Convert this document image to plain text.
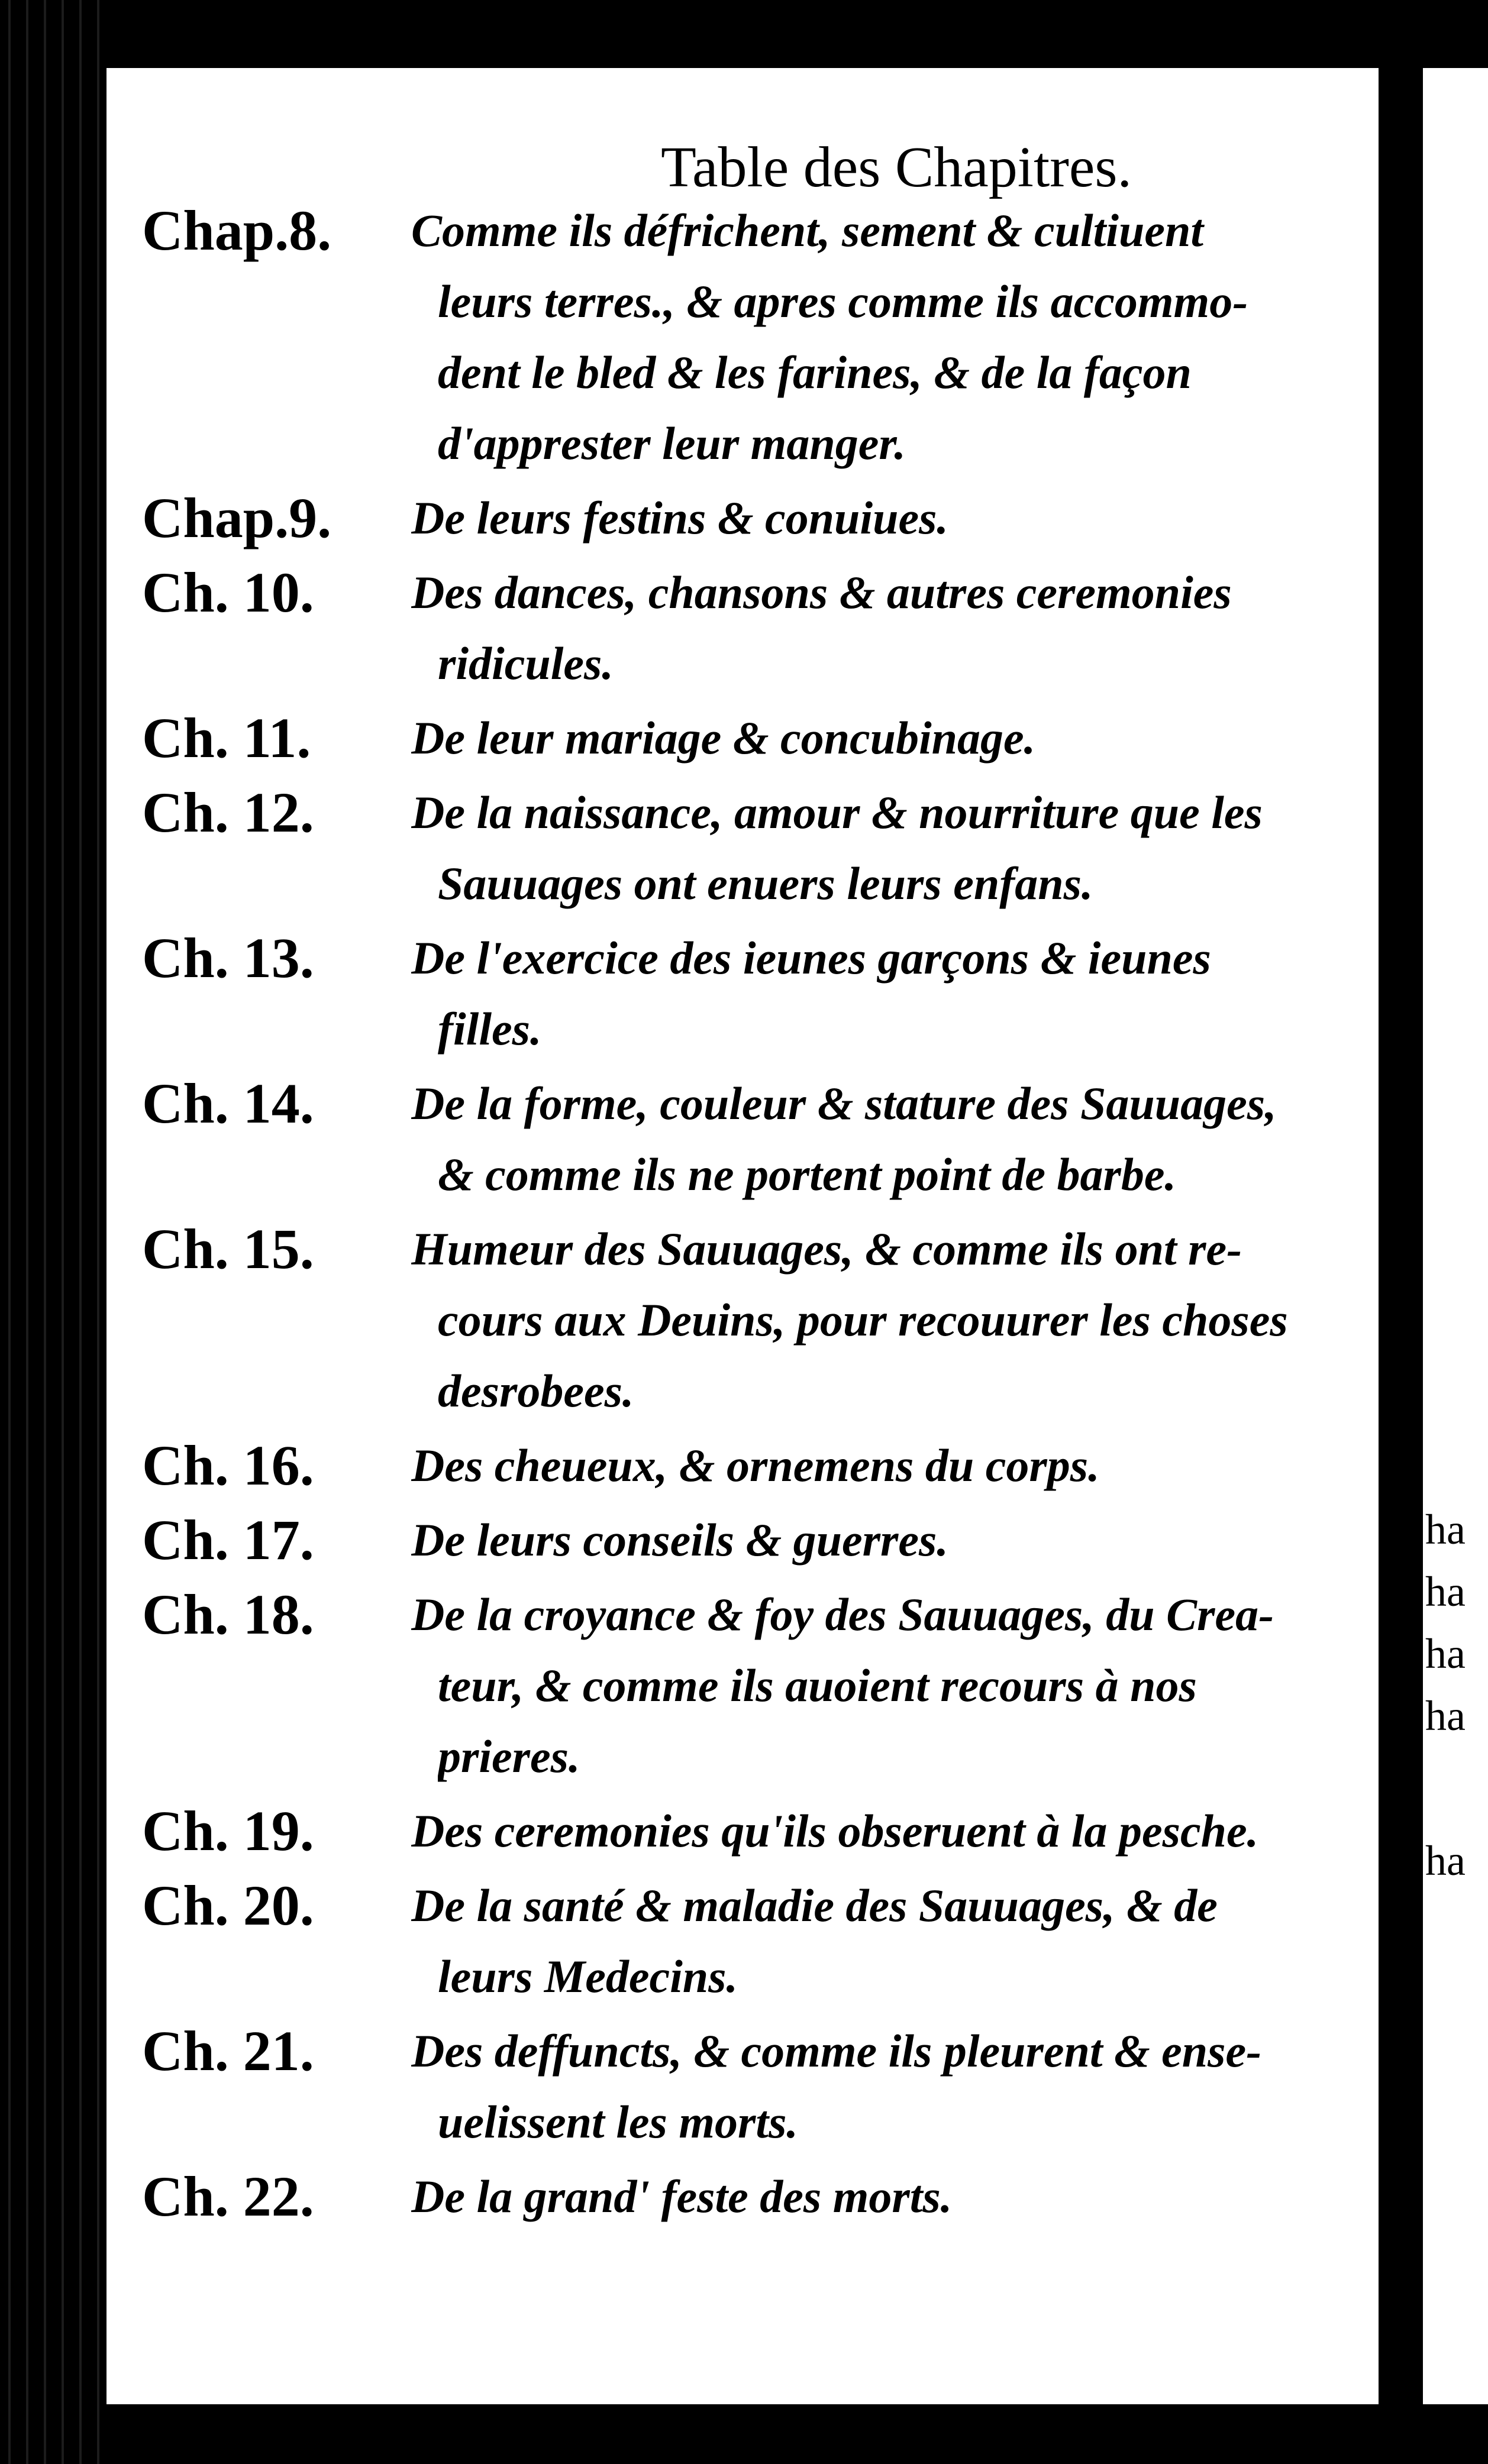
Table des Chapitres.
Chap.8. Comme ils défrichent, sement & cultiuent
leurs terres., & apres comme ils accommo-
dent le bled & les farines, & de la façon
d'apprester leur manger.
Chap.9. De leurs festins & conuiues.
Ch. 10. Des dances, chansons & autres ceremonies
ridicules.
Ch. 11. De leur mariage & concubinage.
Ch. 12. De la naissance, amour & nourriture que les
Sauuages ont enuers leurs enfans.
Ch. 13. De l'exercice des ieunes garçons & ieunes
filles.
Ch. 14. De la forme, couleur & stature des Sauuages,
& comme ils ne portent point de barbe.
Ch. 15. Humeur des Sauuages, & comme ils ont re-
cours aux Deuins, pour recouurer les choses
desrobees.
Ch. 16. Des cheueux, & ornemens du corps.
Ch. 17. De leurs conseils & guerres.
Ch. 18. De la croyance & foy des Sauuages, du Crea-
teur, & comme ils auoient recours à nos
prieres.
Ch. 19. Des ceremonies qu'ils obseruent à la pesche.
Ch. 20. De la santé & maladie des Sauuages, & de
leurs Medecins.
Ch. 21. Des deffuncts, & comme ils pleurent & ense-
uelissent les morts.
Ch. 22. De la grand' feste des morts.
ha
ha
ha
ha
ha
